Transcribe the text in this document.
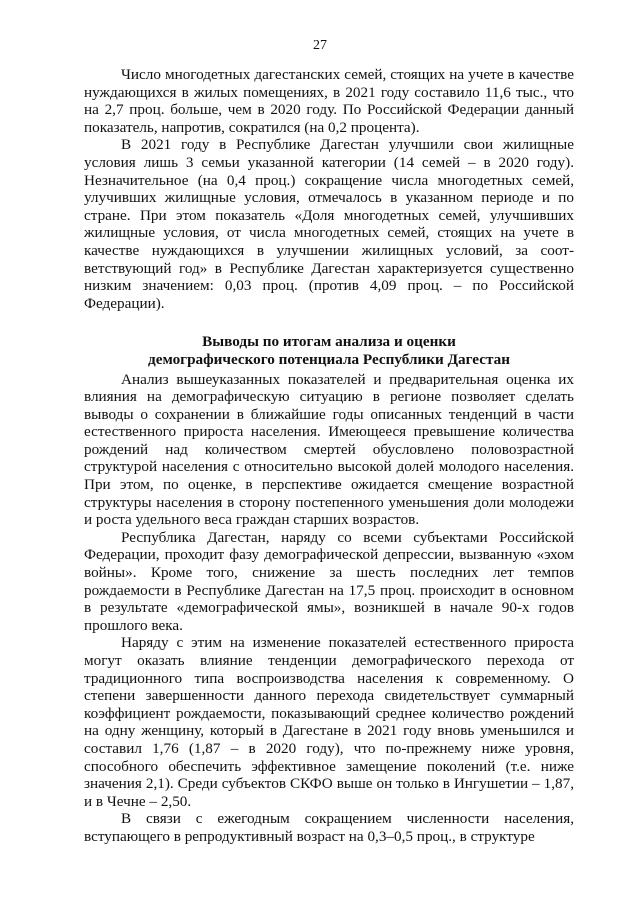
27

Число многодетных дагестанских семей, стоящих на учете в качестве нуждающихся в жилых помещениях, в 2021 году составило 11,6 тыс., что на 2,7 проц. больше, чем в 2020 году. По Российской Федерации данный показатель, напротив, сократился (на 0,2 процента).

В 2021 году в Республике Дагестан улучшили свои жилищные условия лишь 3 семьи указанной категории (14 семей – в 2020 году). Незначительное (на 0,4 проц.) сокращение числа многодетных семей, улучивших жилищные условия, отмечалось в указанном периоде и по стране. При этом показатель «Доля многодетных семей, улучшивших жилищные условия, от числа многодетных семей, стоящих на учете в качестве нуждающихся в улучшении жилищных условий, за соответствующий год» в Республике Дагестан характеризуется существенно низким значением: 0,03 проц. (против 4,09 проц. – по Российской Федерации).

Выводы по итогам анализа и оценки
демографического потенциала Республики Дагестан

Анализ вышеуказанных показателей и предварительная оценка их влияния на демографическую ситуацию в регионе позволяет сделать выводы о сохранении в ближайшие годы описанных тенденций в части естественного прироста населения. Имеющееся превышение количества рождений над количеством смертей обусловлено половозрастной структурой населения с относительно высокой долей молодого населения. При этом, по оценке, в перспективе ожидается смещение возрастной структуры населения в сторону постепенного уменьшения доли молодежи и роста удельного веса граждан старших возрастов.

Республика Дагестан, наряду со всеми субъектами Российской Федерации, проходит фазу демографической депрессии, вызванную «эхом войны». Кроме того, снижение за шесть последних лет темпов рождаемости в Республике Дагестан на 17,5 проц. происходит в основном в результате «демографической ямы», возникшей в начале 90-х годов прошлого века.

Наряду с этим на изменение показателей естественного прироста могут оказать влияние тенденции демографического перехода от традиционного типа воспроизводства населения к современному. О степени завершенности данного перехода свидетельствует суммарный коэффициент рождаемости, показывающий среднее количество рождений на одну женщину, который в Дагестане в 2021 году вновь уменьшился и составил 1,76 (1,87 – в 2020 году), что по-прежнему ниже уровня, способного обеспечить эффективное замещение поколений (т.е. ниже значения 2,1). Среди субъектов СКФО выше он только в Ингушетии – 1,87, и в Чечне – 2,50.

В связи с ежегодным сокращением численности населения, вступающего в репродуктивный возраст на 0,3–0,5 проц., в структуре
